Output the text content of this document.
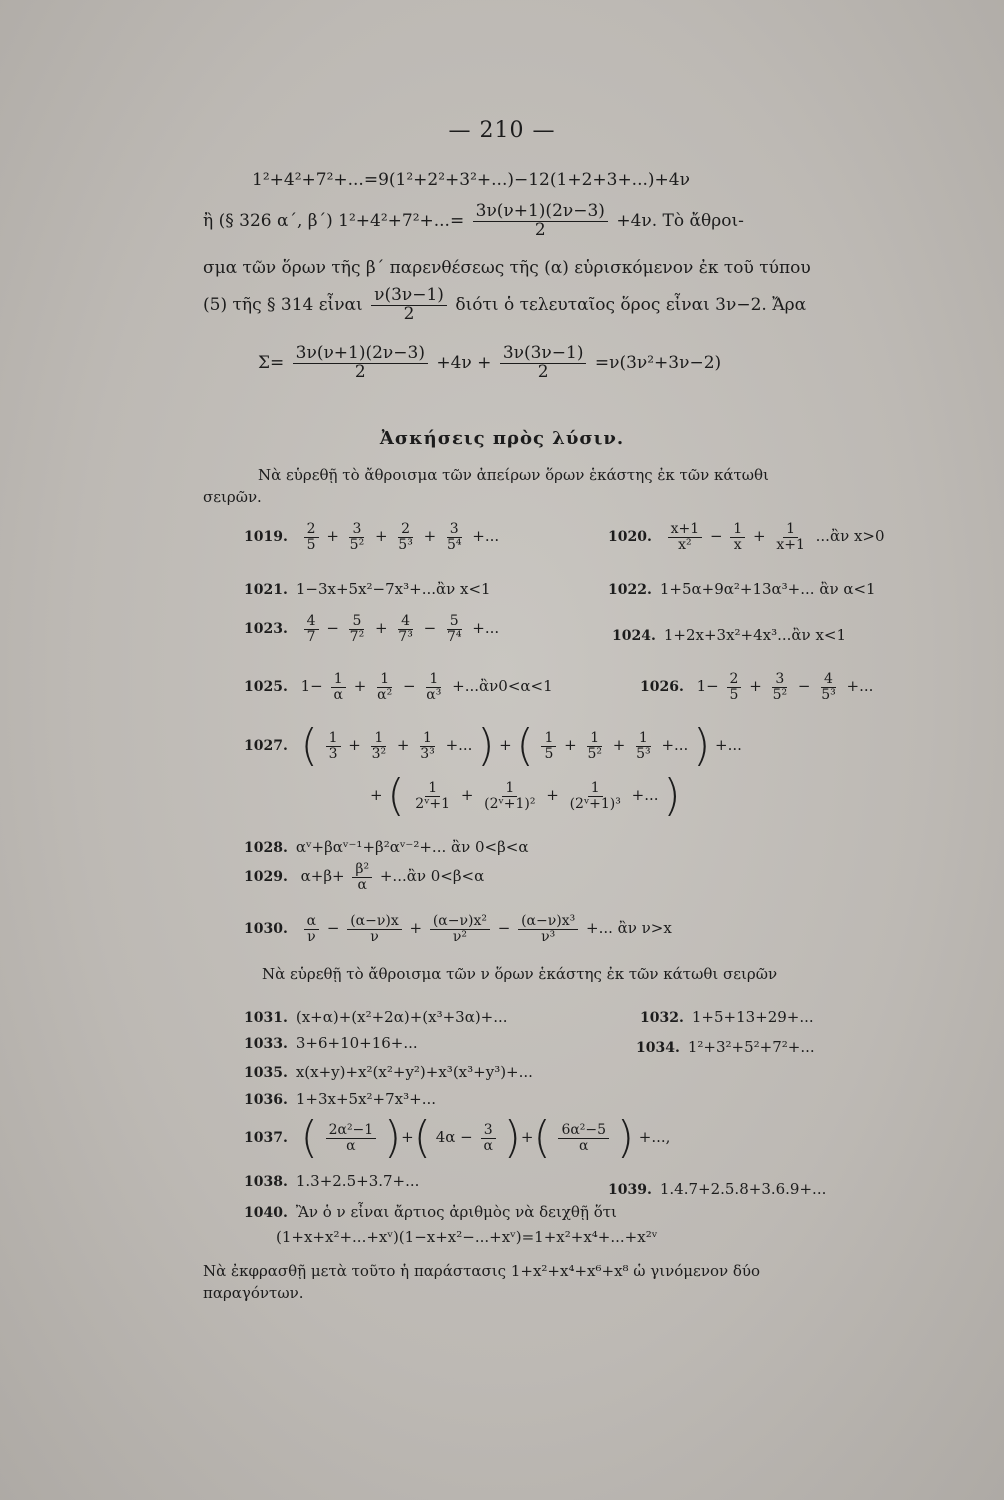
— 210 —
1²+4²+7²+...=9(1²+2²+3²+...)−12(1+2+3+...)+4ν
ἢ (§ 326 α΄, β΄) $1^2+4^2+7^2+...= \frac{3\nu(\nu+1)(2\nu-3)}{2} +4\nu$. Τὸ ἄθροι-
σμα τῶν ὅρων τῆς β΄ παρενθέσεως τῆς (α) εὑρισκόμενον ἐκ τοῦ τύπου
(5) τῆς § 314 εἶναι $\frac{\nu(3\nu-1)}{2}$ διότι ὁ τελευταῖος ὅρος εἶναι 3ν−2. Ἄρα
$\Sigma= \frac{3\nu(\nu+1)(2\nu-3)}{2} +4\nu + \frac{3\nu(3\nu-1)}{2} =\nu(3\nu^2+3\nu-2)$
Ἀσκήσεις πρὸς λύσιν.
Νὰ εὑρεθῇ τὸ ἄθροισμα τῶν ἀπείρων ὅρων ἑκάστης ἐκ τῶν κάτωθι
σειρῶν.
1019. $\frac{2}{5} + \frac{3}{\text{5²}} + \frac{2}{\text{5³}} + \frac{3}{\text{5⁴}}$ +...	1020. $\frac{x+1}{\text{x²}} - \frac{1}{x} + \frac{1}{x+1}$ ...ἂν x>0
1021. 1−3x+5x²−7x³+...ἂν x<1	1022. 1+5α+9α²+13α³+... ἂν α<1
1023. $\frac{4}{7} - \frac{5}{\text{7²}} + \frac{4}{\text{7³}} - \frac{5}{\text{7⁴}}$ +...	1024. 1+2x+3x²+4x³...ἂν x<1
1025. $1- \frac{1}{\alpha} + \frac{1}{\text{α²}} - \frac{1}{\text{α³}}$ +...ἂν0<α<1	1026. $1- \frac{2}{5} + \frac{3}{\text{5²}} - \frac{4}{\text{5³}}$ +...
1027. ( $\frac{1}{3} + \frac{1}{\text{3²}} + \frac{1}{\text{3³}}$ +... ) + ( $\frac{1}{5} + \frac{1}{\text{5²}} + \frac{1}{\text{5³}}$ +... ) +...
+ ( $\frac{1}{\text{2ᵛ+1}} + \frac{1}{\text{(2ᵛ+1)²}} + \frac{1}{\text{(2ᵛ+1)³}}$ +... )
1028. αᵛ+βαᵛ⁻¹+β²αᵛ⁻²+... ἂν 0<β<α
1029. $\alpha+\beta+ \frac{\text{β²}}{\alpha}$ +...ἂν 0<β<α
1030. $\frac{\alpha}{\nu} - \frac{(\alpha-\nu)x}{\nu} + \frac{\text{(α−ν)x²}}{\text{ν²}} - \frac{\text{(α−ν)x³}}{\text{ν³}}$ +... ἂν ν>x
Νὰ εὑρεθῇ τὸ ἄθροισμα τῶν ν ὅρων ἑκάστης ἐκ τῶν κάτωθι σειρῶν
1031. (x+α)+(x²+2α)+(x³+3α)+...	1032. 1+5+13+29+...
1033. 3+6+10+16+...	1034. 1²+3²+5²+7²+...
1035. x(x+y)+x²(x²+y²)+x³(x³+y³)+...
1036. 1+3x+5x²+7x³+...
1037. ( $\frac{\text{2α²−1}}{\alpha}$ )+( $4\alpha - \frac{3}{\alpha}$ )+( $\frac{\text{6α²−5}}{\alpha}$ ) +...,
1038. 1.3+2.5+3.7+...	1039. 1.4.7+2.5.8+3.6.9+...
1040. Ἂν ὁ ν εἶναι ἄρτιος ἀριθμὸς νὰ δειχθῇ ὅτι
(1+x+x²+...+xᵛ)(1−x+x²−...+xᵛ)=1+x²+x⁴+...+x²ᵛ
Νὰ ἐκφρασθῇ μετὰ τοῦτο ἡ παράστασις 1+x²+x⁴+x⁶+x⁸ ὡ γινόμενον δύο
παραγόντων.
